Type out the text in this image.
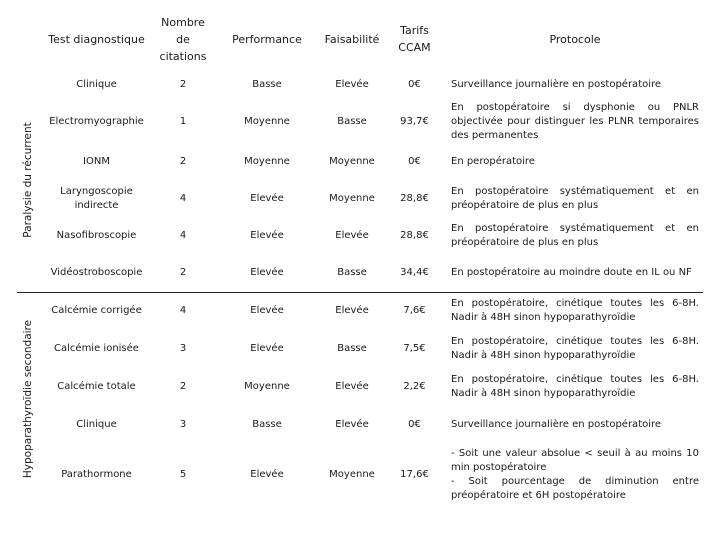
	Test diagnostique	Nombre de citations	Performance	Faisabilité	Tarifs CCAM	Protocole

Paralysie du récurrent	Clinique	2	Basse	Elevée	0€	Surveillance journalière en postopératoire
	Electromyographie	1	Moyenne	Basse	93,7€	En postopératoire si dysphonie ou PNLR objectivée pour distinguer les PLNR temporaires des permanentes
	IONM	2	Moyenne	Moyenne	0€	En peropératoire
	Laryngoscopie indirecte	4	Elevée	Moyenne	28,8€	En postopératoire systématiquement et en préopératoire de plus en plus
	Nasofibroscopie	4	Elevée	Elevée	28,8€	En postopératoire systématiquement et en préopératoire de plus en plus
	Vidéostroboscopie	2	Elevée	Basse	34,4€	En postopératoire au moindre doute en IL ou NF

Hypoparathyroïdie secondaire	Calcémie corrigée	4	Elevée	Elevée	7,6€	En postopératoire, cinétique toutes les 6-8H. Nadir à 48H sinon hypoparathyroïdie
	Calcémie ionisée	3	Elevée	Basse	7,5€	En postopératoire, cinétique toutes les 6-8H. Nadir à 48H sinon hypoparathyroïdie
	Calcémie totale	2	Moyenne	Elevée	2,2€	En postopératoire, cinétique toutes les 6-8H. Nadir à 48H sinon hypoparathyroïdie
	Clinique	3	Basse	Elevée	0€	Surveillance journalière en postopératoire
	Parathormone	5	Elevée	Moyenne	17,6€	- Soit une valeur absolue < seuil à au moins 10 min postopératoire
- Soit pourcentage de diminution entre préopératoire et 6H postopératoire
